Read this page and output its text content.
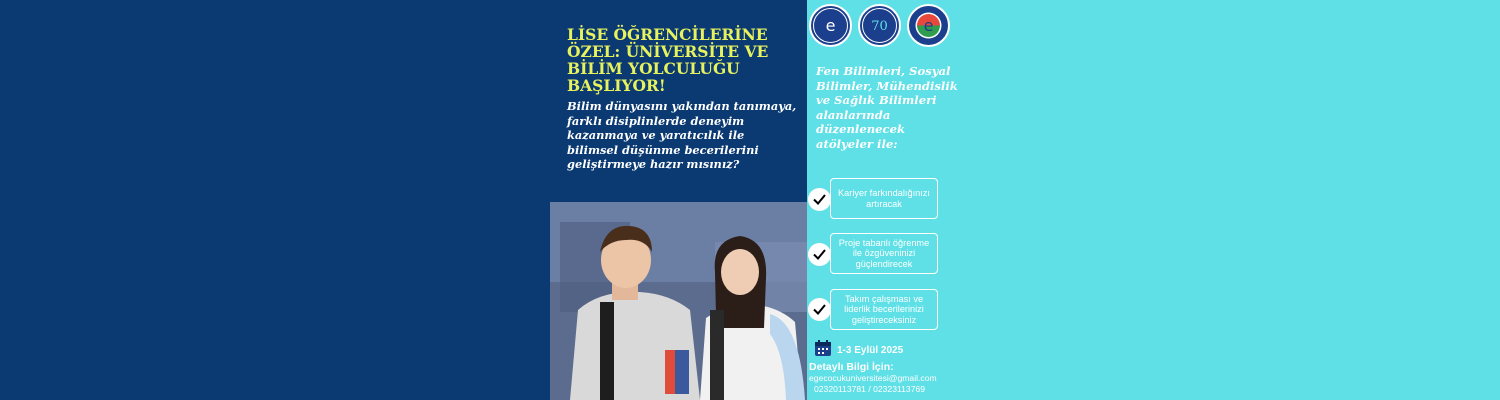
LİSE ÖĞRENCİLERİNE ÖZEL: ÜNİVERSİTE VE BİLİM YOLCULUĞU BAŞLIYOR!

Bilim dünyasını yakından tanımaya, farklı disiplinlerde deneyim kazanmaya ve yaratıcılık ile bilimsel düşünme becerilerini geliştirmeye hazır mısınız?

e	70 e

Fen Bilimleri, Sosyal Bilimler, Mühendislik ve Sağlık Bilimleri alanlarında düzenlenecek atölyeler ile:

Kariyer farkındalığınızı artıracak
Proje tabanlı öğrenme ile özgüveninizi güçlendirecek
Takım çalışması ve liderlik becerilerinizi geliştireceksiniz
1-3 Eylül 2025
Detaylı Bilgi İçin:
egecocukuniversitesi@gmail.com
02320113781 / 02323113769
